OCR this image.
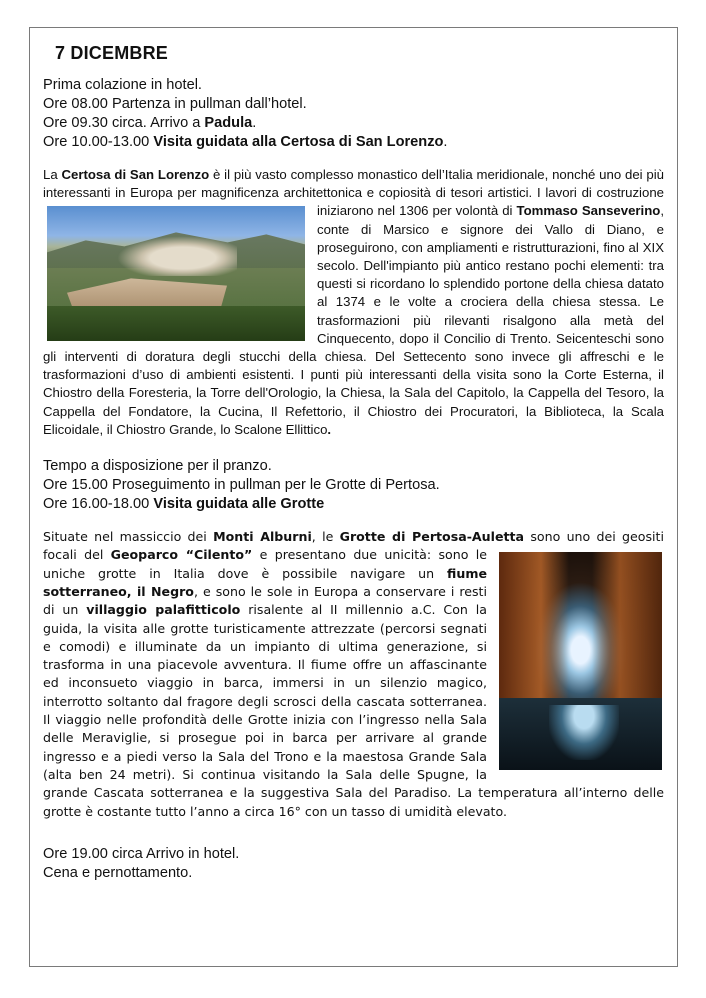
7 DICEMBRE

Prima colazione in hotel.

Ore 08.00 Partenza in pullman dall’hotel.

Ore 09.30 circa. Arrivo a Padula.

Ore 10.00-13.00 Visita guidata alla Certosa di San Lorenzo.

La Certosa di San Lorenzo è il più vasto complesso monastico dell’Italia meridionale, nonché uno dei più interessanti in Europa per magnificenza architettonica e copiosità di
tesori artistici. I lavori di costruzione iniziarono nel 1306 per volontà di Tommaso Sanseverino, conte di Marsico e signore dei Vallo di Diano, e proseguirono, con ampliamenti e ristrutturazioni, fino al XIX secolo. Dell'impianto più antico restano pochi elementi: tra questi si ricordano lo splendido portone della chiesa datato al 1374 e le volte a crociera della chiesa stessa. Le trasformazioni più rilevanti risalgono alla metà del Cinquecento, dopo il Concilio di Trento. Seicenteschi sono gli interventi di doratura degli stucchi della chiesa. Del Settecento sono invece gli affreschi e le trasformazioni d’uso di ambienti esistenti. I punti più interessanti della visita sono la Corte Esterna, il Chiostro della Foresteria, la Torre dell'Orologio, la Chiesa, la Sala del Capitolo, la Cappella del Tesoro, la Cappella del Fondatore, la Cucina, Il Refettorio, il Chiostro dei Procuratori, la Biblioteca, la Scala Elicoidale, il Chiostro Grande, lo Scalone Ellittico.

Tempo a disposizione per il pranzo.

Ore 15.00 Proseguimento in pullman per le Grotte di Pertosa.

Ore 16.00-18.00 Visita guidata alle Grotte

Situate nel massiccio dei Monti Alburni, le Grotte di Pertosa-Auletta sono uno dei geositi focali del Geoparco “Cilento” e presentano due unicità:
sono le uniche grotte in Italia dove è possibile navigare un fiume sotterraneo, il Negro, e sono le sole in Europa a conservare i resti di un villaggio palafitticolo risalente al II millennio a.C. Con la guida, la visita alle grotte turisticamente attrezzate (percorsi segnati e comodi) e illuminate da un impianto di ultima generazione, si trasforma in una piacevole avventura. Il fiume offre un affascinante ed inconsueto viaggio in barca, immersi in un silenzio magico, interrotto soltanto dal fragore degli scrosci della cascata sotterranea. Il viaggio nelle profondità delle Grotte inizia con l’ingresso nella Sala delle Meraviglie, si prosegue poi in barca per arrivare al grande ingresso e a piedi verso la Sala del Trono e la maestosa Grande Sala (alta ben 24 metri). Si continua visitando la Sala delle Spugne, la grande Cascata sotterranea e la suggestiva Sala del Paradiso. La temperatura all’interno delle grotte è costante tutto l’anno a circa 16° con un tasso di umidità elevato.

Ore 19.00 circa Arrivo in hotel.

Cena e pernottamento.
